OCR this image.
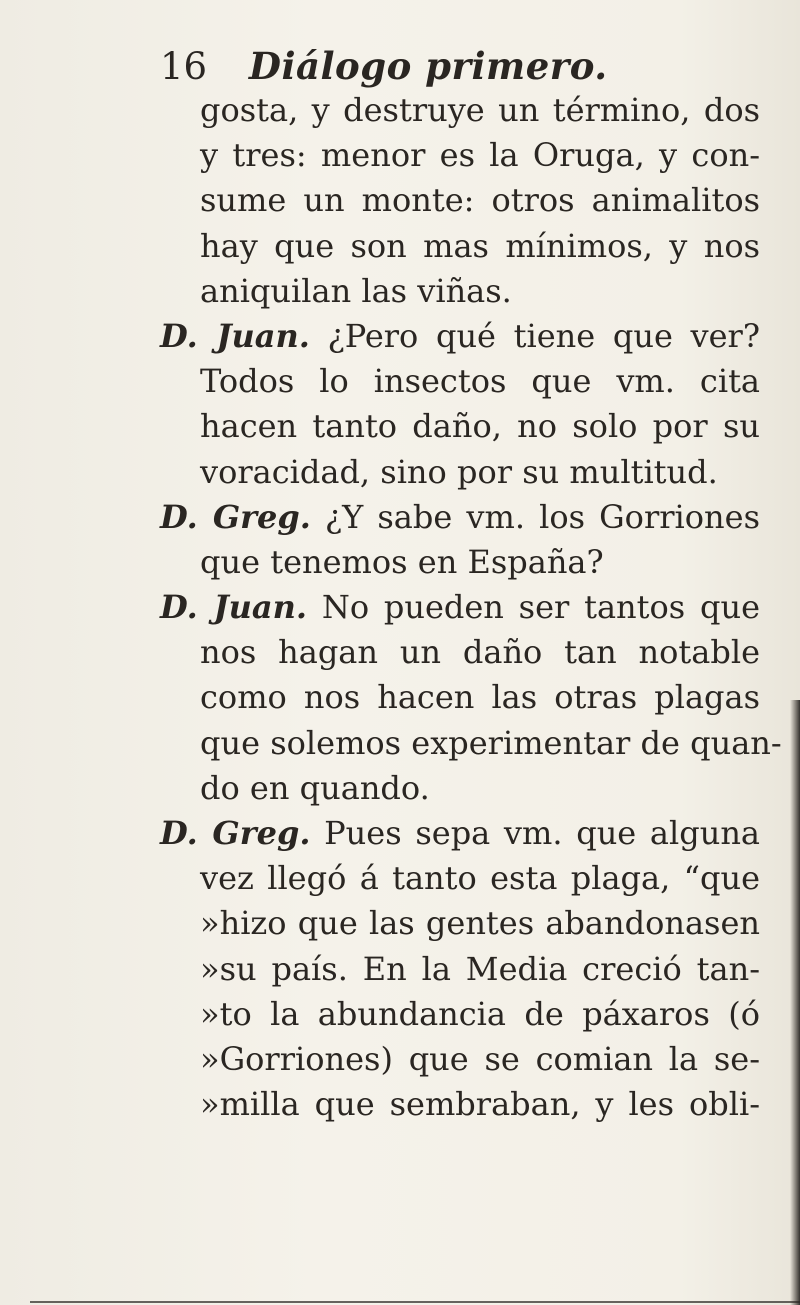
16 Diálogo primero.
gosta, y destruye un término, dos
y tres: menor es la Oruga, y con-
sume un monte: otros animalitos
hay que son mas mínimos, y nos
aniquilan las viñas.
D. Juan. ¿Pero qué tiene que ver?
Todos lo insectos que vm. cita
hacen tanto daño, no solo por su
voracidad, sino por su multitud.
D. Greg. ¿Y sabe vm. los Gorriones
que tenemos en España?
D. Juan. No pueden ser tantos que
nos hagan un daño tan notable
como nos hacen las otras plagas
que solemos experimentar de quan-
do en quando.
D. Greg. Pues sepa vm. que alguna
vez llegó á tanto esta plaga, “que
»hizo que las gentes abandonasen
»su país. En la Media creció tan-
»to la abundancia de páxaros (ó
»Gorriones) que se comian la se-
»milla que sembraban, y les obli-
